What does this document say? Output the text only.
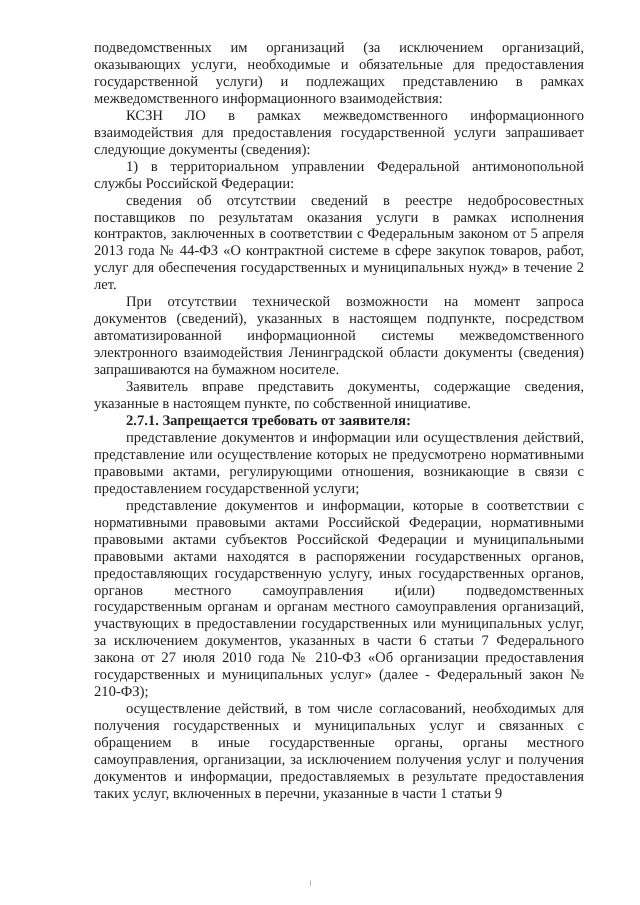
подведомственных им организаций (за исключением организаций, оказывающих услуги, необходимые и обязательные для предоставления государственной услуги) и подлежащих представлению в рамках межведомственного информационного взаимодействия:

КСЗН ЛО в рамках межведомственного информационного взаимодействия для предоставления государственной услуги запрашивает следующие документы (сведения):

1) в территориальном управлении Федеральной антимонопольной службы Российской Федерации:

сведения об отсутствии сведений в реестре недобросовестных поставщиков по результатам оказания услуги в рамках исполнения контрактов, заключенных в соответствии с Федеральным законом от 5 апреля 2013 года № 44-ФЗ «О контрактной системе в сфере закупок товаров, работ, услуг для обеспечения государственных и муниципальных нужд» в течение 2 лет.

При отсутствии технической возможности на момент запроса документов (сведений), указанных в настоящем подпункте, посредством автоматизированной информационной системы межведомственного электронного взаимодействия Ленинградской области документы (сведения) запрашиваются на бумажном носителе.

Заявитель вправе представить документы, содержащие сведения, указанные в настоящем пункте, по собственной инициативе.

2.7.1. Запрещается требовать от заявителя:

представление документов и информации или осуществления действий, представление или осуществление которых не предусмотрено нормативными правовыми актами, регулирующими отношения, возникающие в связи с предоставлением государственной услуги;

представление документов и информации, которые в соответствии с нормативными правовыми актами Российской Федерации, нормативными правовыми актами субъектов Российской Федерации и муниципальными правовыми актами находятся в распоряжении государственных органов, предоставляющих государственную услугу, иных государственных органов, органов местного самоуправления и(или) подведомственных государственным органам и органам местного самоуправления организаций, участвующих в предоставлении государственных или муниципальных услуг, за исключением документов, указанных в части 6 статьи 7 Федерального закона от 27 июля 2010 года № 210-ФЗ «Об организации предоставления государственных и муниципальных услуг» (далее - Федеральный закон № 210-ФЗ);

осуществление действий, в том числе согласований, необходимых для получения государственных и муниципальных услуг и связанных с обращением в иные государственные органы, органы местного самоуправления, организации, за исключением получения услуг и получения документов и информации, предоставляемых в результате предоставления таких услуг, включенных в перечни, указанные в части 1 статьи 9
